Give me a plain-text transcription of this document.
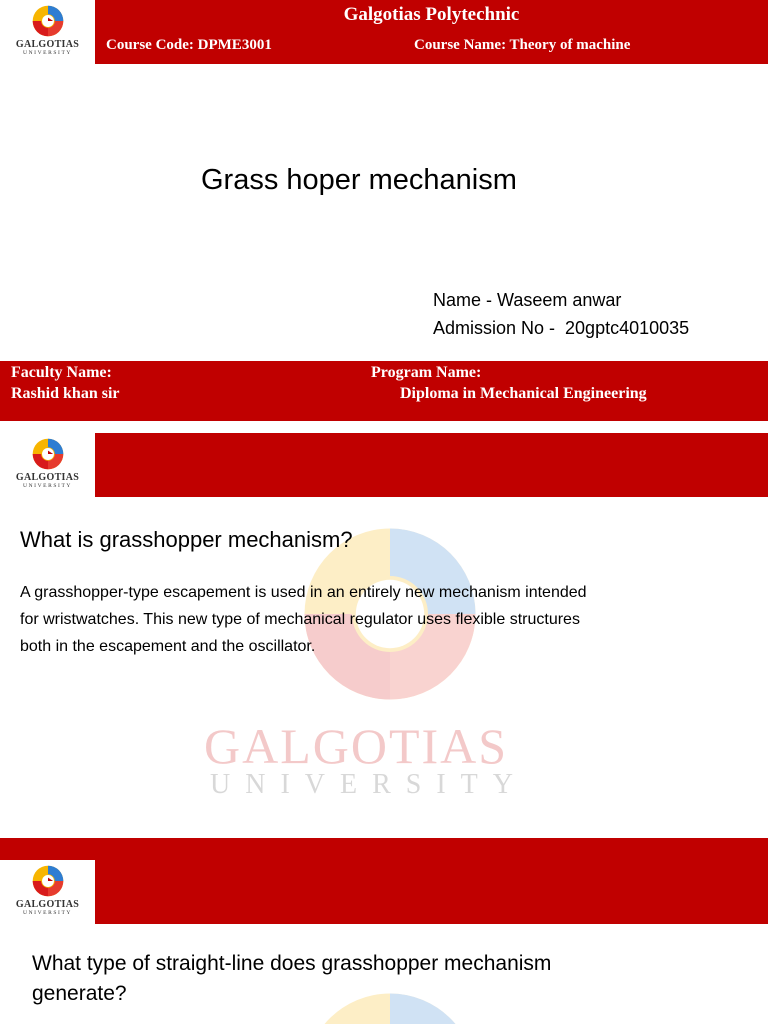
GALGOTIAS
UNIVERSITY
Galgotias Polytechnic
Course Code: DPME3001	Course Name: Theory of machine
Grass hoper mechanism
Name - Waseem anwar
Admission No -  20gptc4010035
Faculty Name:
Rashid khan sir
Program Name:
Diploma in Mechanical Engineering
GALGOTIAS
UNIVERSITY
GALGOTIAS
UNIVERSITY
What is grasshopper mechanism?
A grasshopper-type escapement is used in an entirely new mechanism intended
for wristwatches. This new type of mechanical regulator uses flexible structures
both in the escapement and the oscillator.
GALGOTIAS
UNIVERSITY
What type of straight-line does grasshopper mechanism
generate?
